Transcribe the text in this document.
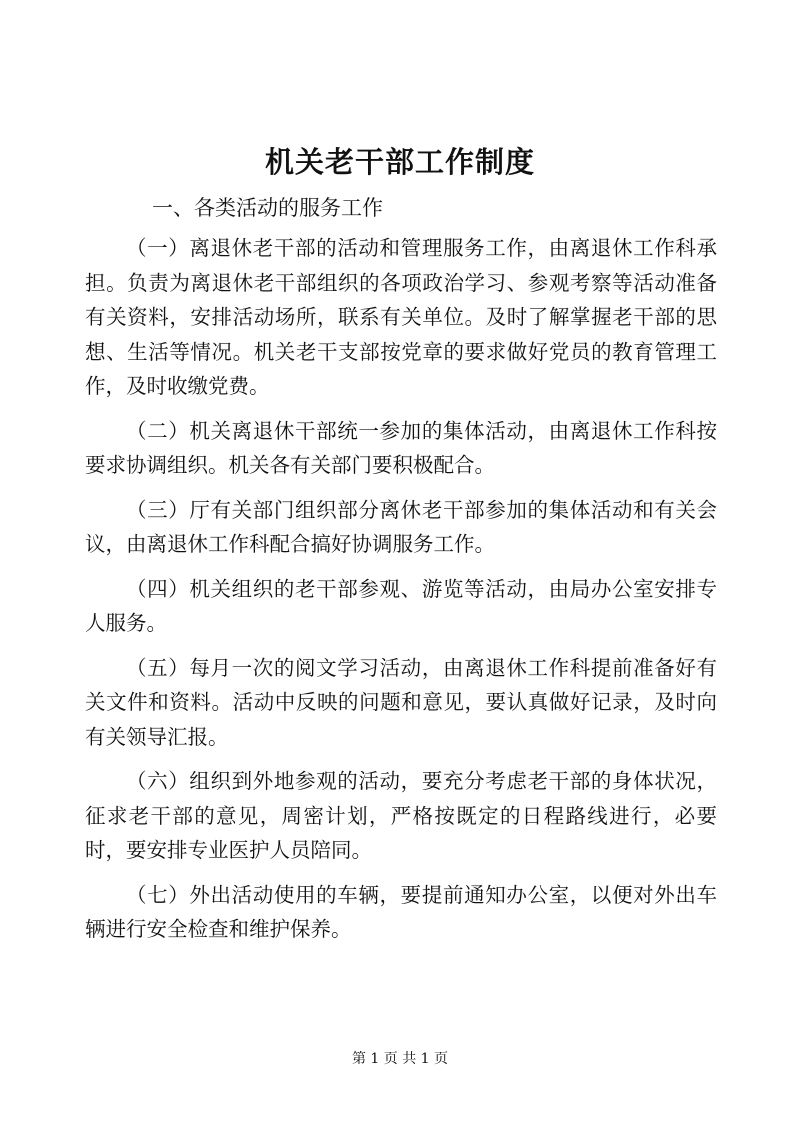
机关老干部工作制度

一、各类活动的服务工作

（一）离退休老干部的活动和管理服务工作，由离退休工作科承担。负责为离退休老干部组织的各项政治学习、参观考察等活动准备有关资料，安排活动场所，联系有关单位。及时了解掌握老干部的思想、生活等情况。机关老干支部按党章的要求做好党员的教育管理工作，及时收缴党费。

（二）机关离退休干部统一参加的集体活动，由离退休工作科按要求协调组织。机关各有关部门要积极配合。

（三）厅有关部门组织部分离休老干部参加的集体活动和有关会议，由离退休工作科配合搞好协调服务工作。

（四）机关组织的老干部参观、游览等活动，由局办公室安排专人服务。

（五）每月一次的阅文学习活动，由离退休工作科提前准备好有关文件和资料。活动中反映的问题和意见，要认真做好记录，及时向有关领导汇报。

（六）组织到外地参观的活动，要充分考虑老干部的身体状况，征求老干部的意见，周密计划，严格按既定的日程路线进行，必要时，要安排专业医护人员陪同。

（七）外出活动使用的车辆，要提前通知办公室，以便对外出车辆进行安全检查和维护保养。

第 1 页 共 1 页
